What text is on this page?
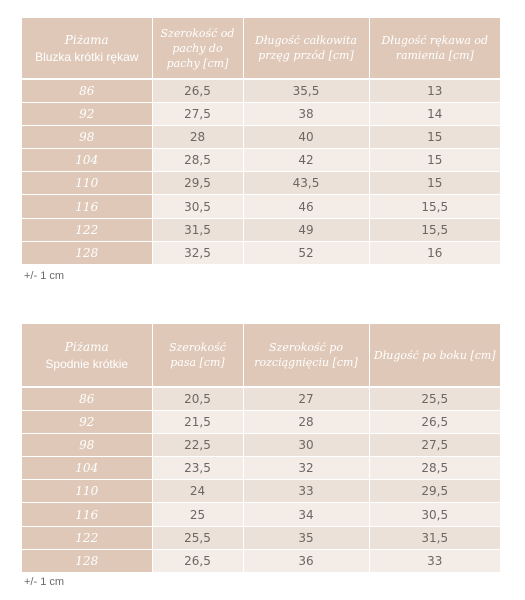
Piżama
Bluzka krótki rękaw	Szerokość od pachy do pachy [cm]	Długość całkowita przęg przód [cm]	Długość rękawa od ramienia [cm]

86	26,5	35,5	13
92	27,5	38	14
98	28	40	15
104	28,5	42	15
110	29,5	43,5	15
116	30,5	46	15,5
122	31,5	49	15,5
128	32,5	52	16

+/- 1 cm

Piżama
Spodnie krótkie	Szerokość pasa [cm]	Szerokość po rozciągnięciu [cm]	Długość po boku [cm]

86	20,5	27	25,5
92	21,5	28	26,5
98	22,5	30	27,5
104	23,5	32	28,5
110	24	33	29,5
116	25	34	30,5
122	25,5	35	31,5
128	26,5	36	33

+/- 1 cm
